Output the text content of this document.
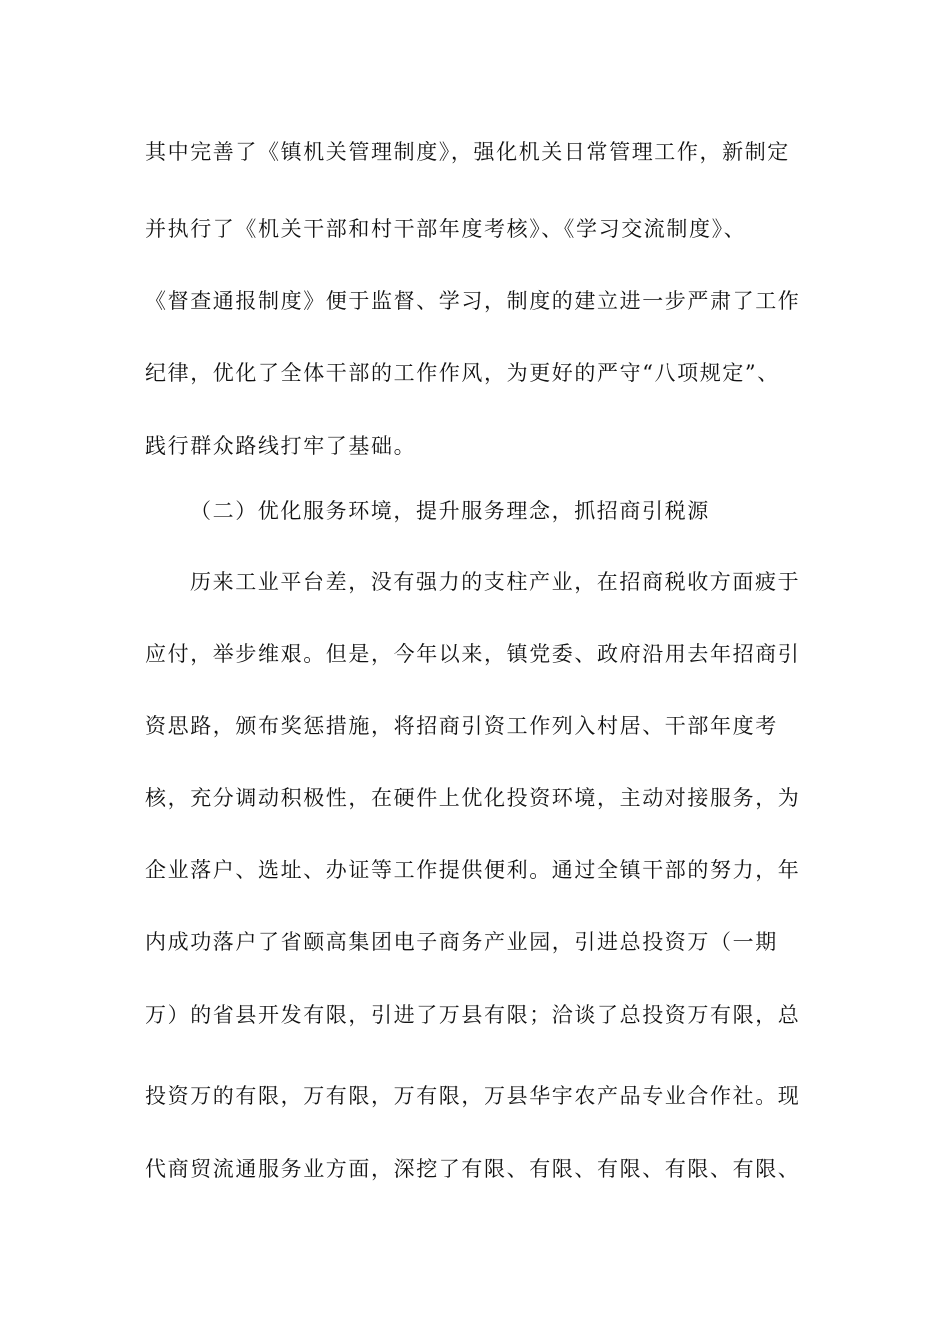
其中完善了《镇机关管理制度》，强化机关日常管理工作，新制定
并执行了《机关干部和村干部年度考核》、《学习交流制度》、
《督查通报制度》便于监督、学习，制度的建立进一步严肃了工作
纪律，优化了全体干部的工作作风，为更好的严守“八项规定”、
践行群众路线打牢了基础。
（二）优化服务环境，提升服务理念，抓招商引税源
历来工业平台差，没有强力的支柱产业，在招商税收方面疲于
应付，举步维艰。但是，今年以来，镇党委、政府沿用去年招商引
资思路，颁布奖惩措施，将招商引资工作列入村居、干部年度考
核，充分调动积极性，在硬件上优化投资环境，主动对接服务，为
企业落户、选址、办证等工作提供便利。通过全镇干部的努力，年
内成功落户了省颐高集团电子商务产业园，引进总投资万（一期
万）的省县开发有限，引进了万县有限；洽谈了总投资万有限，总
投资万的有限，万有限，万有限，万县华宇农产品专业合作社。现
代商贸流通服务业方面，深挖了有限、有限、有限、有限、有限、
